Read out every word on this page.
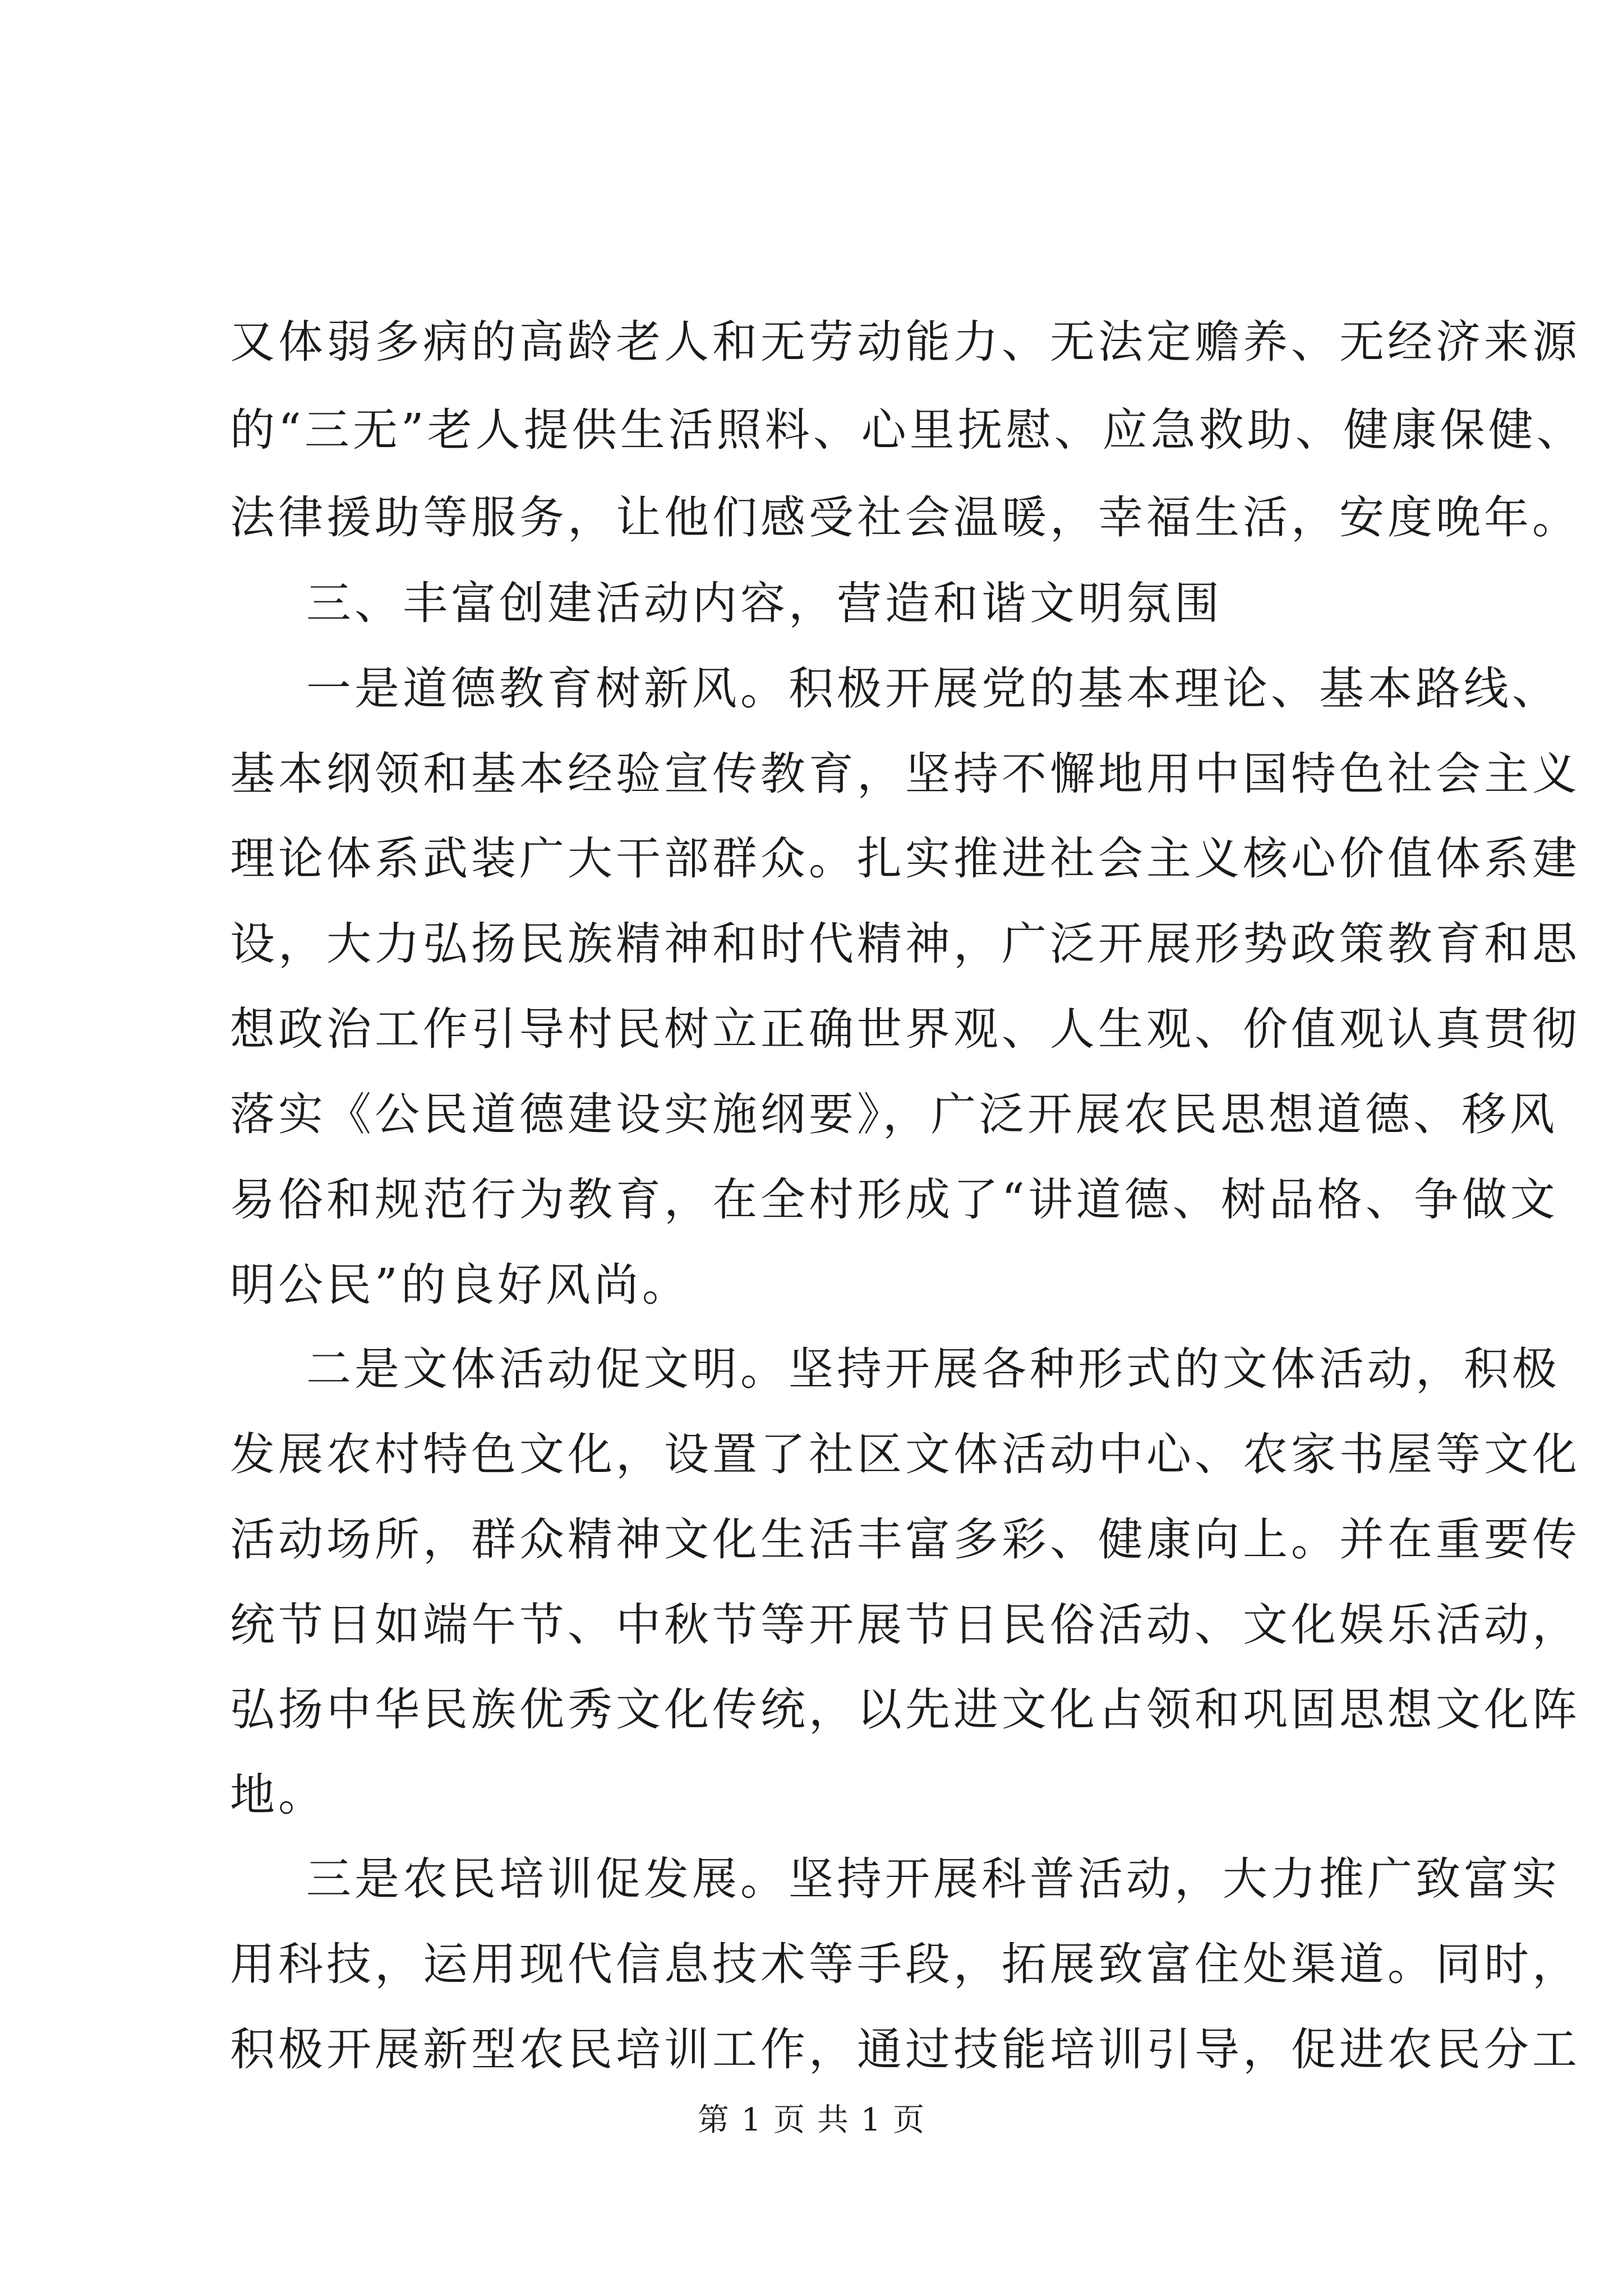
又体弱多病的高龄老人和无劳动能力、无法定赡养、无经济来源
的“三无”老人提供生活照料、心里抚慰、应急救助、健康保健、
法律援助等服务，让他们感受社会温暖，幸福生活，安度晚年。
三、丰富创建活动内容，营造和谐文明氛围
一是道德教育树新风。积极开展党的基本理论、基本路线、
基本纲领和基本经验宣传教育，坚持不懈地用中国特色社会主义
理论体系武装广大干部群众。扎实推进社会主义核心价值体系建
设，大力弘扬民族精神和时代精神，广泛开展形势政策教育和思
想政治工作引导村民树立正确世界观、人生观、价值观认真贯彻
落实《公民道德建设实施纲要》，广泛开展农民思想道德、移风
易俗和规范行为教育，在全村形成了“讲道德、树品格、争做文
明公民”的良好风尚。
二是文体活动促文明。坚持开展各种形式的文体活动，积极
发展农村特色文化，设置了社区文体活动中心、农家书屋等文化
活动场所，群众精神文化生活丰富多彩、健康向上。并在重要传
统节日如端午节、中秋节等开展节日民俗活动、文化娱乐活动，
弘扬中华民族优秀文化传统，以先进文化占领和巩固思想文化阵
地。
三是农民培训促发展。坚持开展科普活动，大力推广致富实
用科技，运用现代信息技术等手段，拓展致富住处渠道。同时，
积极开展新型农民培训工作，通过技能培训引导，促进农民分工
第 1 页 共 1 页
